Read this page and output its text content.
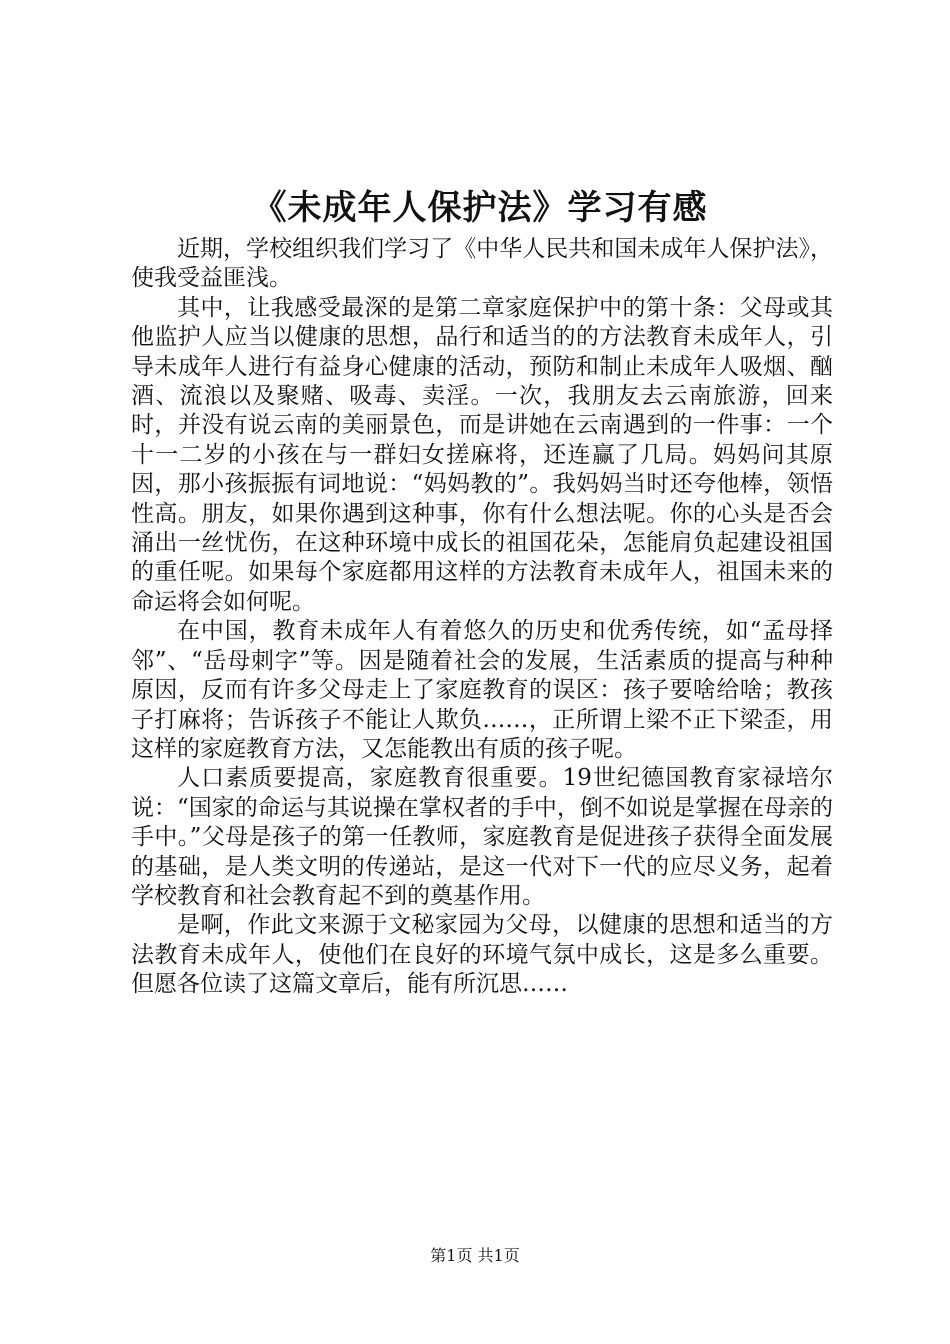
《未成年人保护法》学习有感

近期，学校组织我们学习了《中华人民共和国未成年人保护法》，使我受益匪浅。

其中，让我感受最深的是第二章家庭保护中的第十条：父母或其他监护人应当以健康的思想，品行和适当的的方法教育未成年人，引导未成年人进行有益身心健康的活动，预防和制止未成年人吸烟、酗酒、流浪以及聚赌、吸毒、卖淫。一次，我朋友去云南旅游，回来时，并没有说云南的美丽景色，而是讲她在云南遇到的一件事：一个十一二岁的小孩在与一群妇女搓麻将，还连赢了几局。妈妈问其原因，那小孩振振有词地说：“妈妈教的”。我妈妈当时还夸他棒，领悟性高。朋友，如果你遇到这种事，你有什么想法呢。你的心头是否会涌出一丝忧伤，在这种环境中成长的祖国花朵，怎能肩负起建设祖国的重任呢。如果每个家庭都用这样的方法教育未成年人，祖国未来的命运将会如何呢。

在中国，教育未成年人有着悠久的历史和优秀传统，如“孟母择邻”、“岳母刺字”等。因是随着社会的发展，生活素质的提高与种种原因，反而有许多父母走上了家庭教育的误区：孩子要啥给啥；教孩子打麻将；告诉孩子不能让人欺负……，正所谓上梁不正下梁歪，用这样的家庭教育方法，又怎能教出有质的孩子呢。

人口素质要提高，家庭教育很重要。19世纪德国教育家禄培尔说：“国家的命运与其说操在掌权者的手中，倒不如说是掌握在母亲的手中。”父母是孩子的第一任教师，家庭教育是促进孩子获得全面发展的基础，是人类文明的传递站，是这一代对下一代的应尽义务，起着学校教育和社会教育起不到的奠基作用。

是啊，作此文来源于文秘家园为父母，以健康的思想和适当的方法教育未成年人，使他们在良好的环境气氛中成长，这是多么重要。但愿各位读了这篇文章后，能有所沉思……

第1页 共1页
